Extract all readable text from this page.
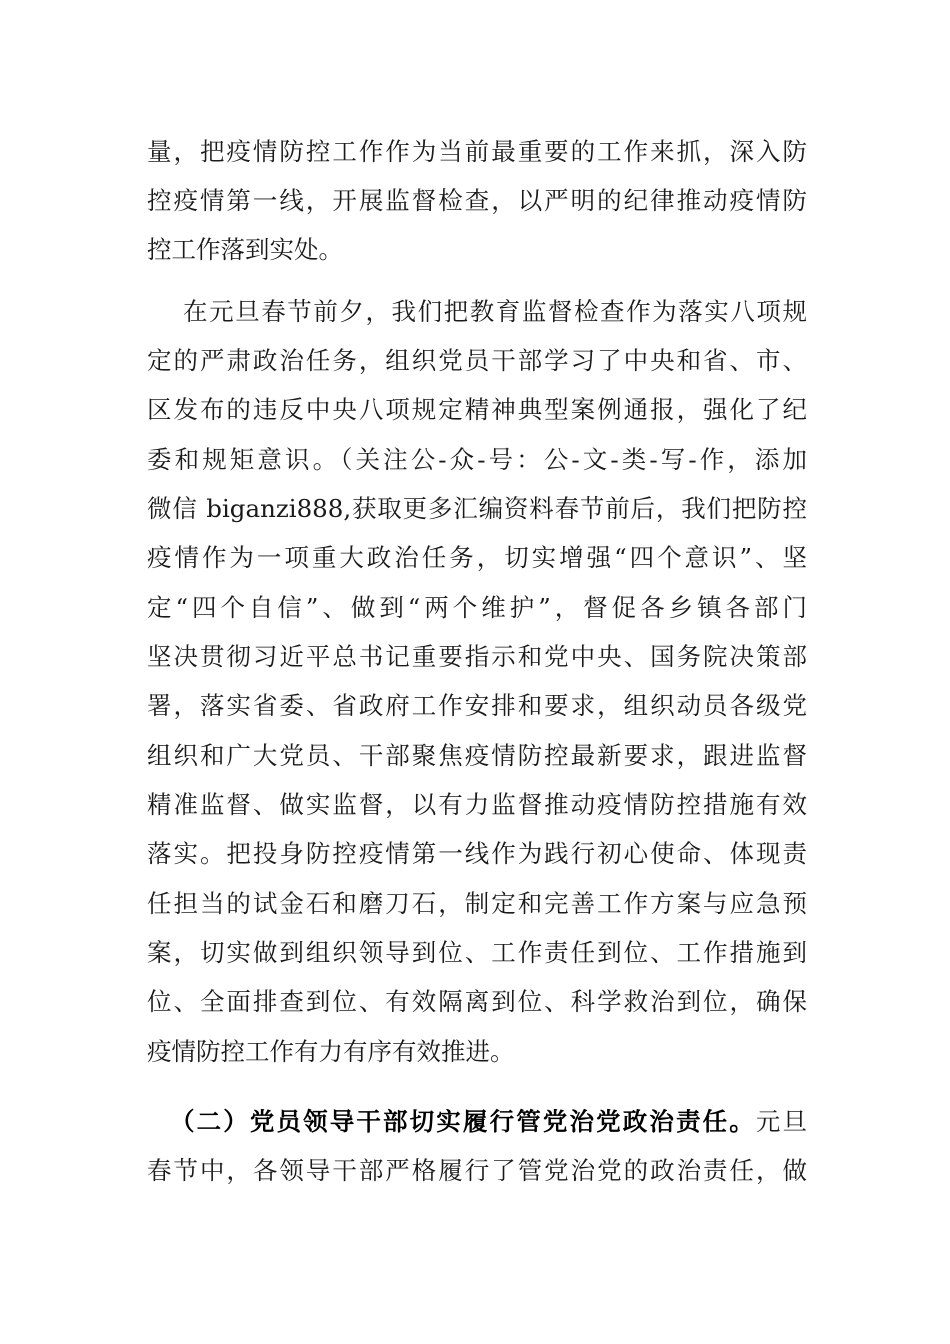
量，把疫情防控工作作为当前最重要的工作来抓，深入防
控疫情第一线，开展监督检查，以严明的纪律推动疫情防
控工作落到实处。
在元旦春节前夕，我们把教育监督检查作为落实八项规
定的严肃政治任务，组织党员干部学习了中央和省、市、
区发布的违反中央八项规定精神典型案例通报，强化了纪
委和规矩意识。（关注公-众-号：公-文-类-写-作，添加
微信 biganzi888,获取更多汇编资料春节前后，我们把防控
疫情作为一项重大政治任务，切实增强“四个意识”、坚
定“四个自信”、做到“两个维护”，督促各乡镇各部门
坚决贯彻习近平总书记重要指示和党中央、国务院决策部
署，落实省委、省政府工作安排和要求，组织动员各级党
组织和广大党员、干部聚焦疫情防控最新要求，跟进监督
精准监督、做实监督，以有力监督推动疫情防控措施有效
落实。把投身防控疫情第一线作为践行初心使命、体现责
任担当的试金石和磨刀石，制定和完善工作方案与应急预
案，切实做到组织领导到位、工作责任到位、工作措施到
位、全面排查到位、有效隔离到位、科学救治到位，确保
疫情防控工作有力有序有效推进。
（二）党员领导干部切实履行管党治党政治责任。元旦
春节中，各领导干部严格履行了管党治党的政治责任，做
